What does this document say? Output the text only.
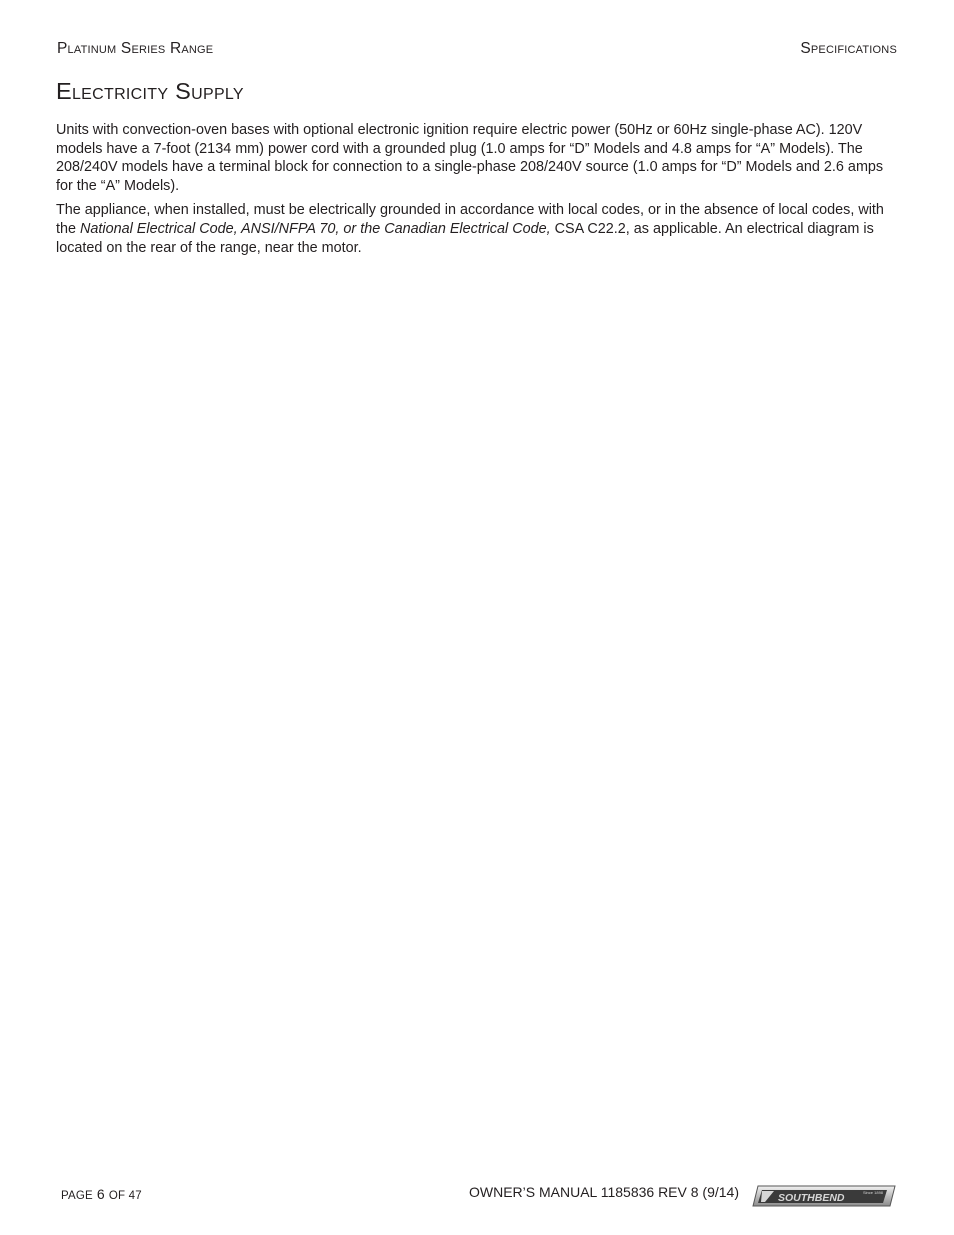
Platinum Series Range	Specifications
Electricity Supply

Units with convection-oven bases with optional electronic ignition require electric power (50Hz or 60Hz single-phase AC). 120V models have a 7-foot (2134 mm) power cord with a grounded plug (1.0 amps for “D” Models and 4.8 amps for “A” Models). The 208/240V models have a terminal block for connection to a single-phase 208/240V source (1.0 amps for “D” Models and 2.6 amps for the “A” Models).

The appliance, when installed, must be electrically grounded in accordance with local codes, or in the absence of local codes, with the National Electrical Code, ANSI/NFPA 70, or the Canadian Electrical Code, CSA C22.2, as applicable. An electrical diagram is located on the rear of the range, near the motor.

PAGE 6 OF 47	OWNER’S MANUAL 1185836 REV 8 (9/14)	SOUTHBEND	Since 1898
